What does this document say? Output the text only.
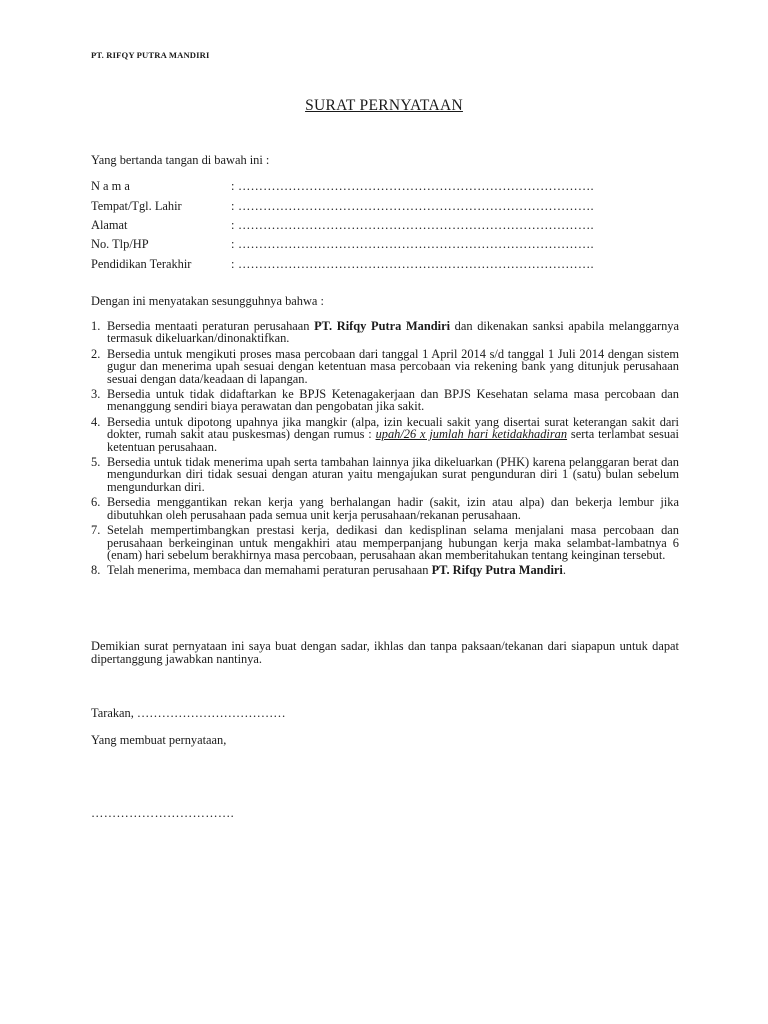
PT. RIFQY PUTRA MANDIRI
SURAT PERNYATAAN
Yang bertanda tangan di bawah ini :
N a m a	: ………………………………………………………………………….
Tempat/Tgl. Lahir	: ………………………………………………………………………….
Alamat	: ………………………………………………………………………….
No. Tlp/HP	: ………………………………………………………………………….
Pendidikan Terakhir	: ………………………………………………………………………….
Dengan ini menyatakan sesungguhnya bahwa :
1. Bersedia mentaati peraturan perusahaan PT. Rifqy Putra Mandiri dan dikenakan sanksi apabila melanggarnya termasuk dikeluarkan/dinonaktifkan.
2. Bersedia untuk mengikuti proses masa percobaan dari tanggal 1 April 2014 s/d tanggal 1 Juli 2014 dengan sistem gugur dan menerima upah sesuai dengan ketentuan masa percobaan via rekening bank yang ditunjuk perusahaan sesuai dengan data/keadaan di lapangan.
3. Bersedia untuk tidak didaftarkan ke BPJS Ketenagakerjaan dan BPJS Kesehatan selama masa percobaan dan menanggung sendiri biaya perawatan dan pengobatan jika sakit.
4. Bersedia untuk dipotong upahnya jika mangkir (alpa, izin kecuali sakit yang disertai surat keterangan sakit dari dokter, rumah sakit atau puskesmas) dengan rumus : upah/26 x jumlah hari ketidakhadiran serta terlambat sesuai ketentuan perusahaan.
5. Bersedia untuk tidak menerima upah serta tambahan lainnya jika dikeluarkan (PHK) karena pelanggaran berat dan mengundurkan diri tidak sesuai dengan aturan yaitu mengajukan surat pengunduran diri 1 (satu) bulan sebelum mengundurkan diri.
6. Bersedia menggantikan rekan kerja yang berhalangan hadir (sakit, izin atau alpa) dan bekerja lembur jika dibutuhkan oleh perusahaan pada semua unit kerja perusahaan/rekanan perusahaan.
7. Setelah mempertimbangkan prestasi kerja, dedikasi dan kedisplinan selama menjalani masa percobaan dan perusahaan berkeinginan untuk mengakhiri atau memperpanjang hubungan kerja maka selambat-lambatnya 6 (enam) hari sebelum berakhirnya masa percobaan, perusahaan akan memberitahukan tentang keinginan tersebut.
8. Telah menerima, membaca dan memahami peraturan perusahaan PT. Rifqy Putra Mandiri.
Demikian surat pernyataan ini saya buat dengan sadar, ikhlas dan tanpa paksaan/tekanan dari siapapun untuk dapat dipertanggung jawabkan nantinya.
Tarakan, ………………………………
Yang membuat pernyataan,
…………………………….
